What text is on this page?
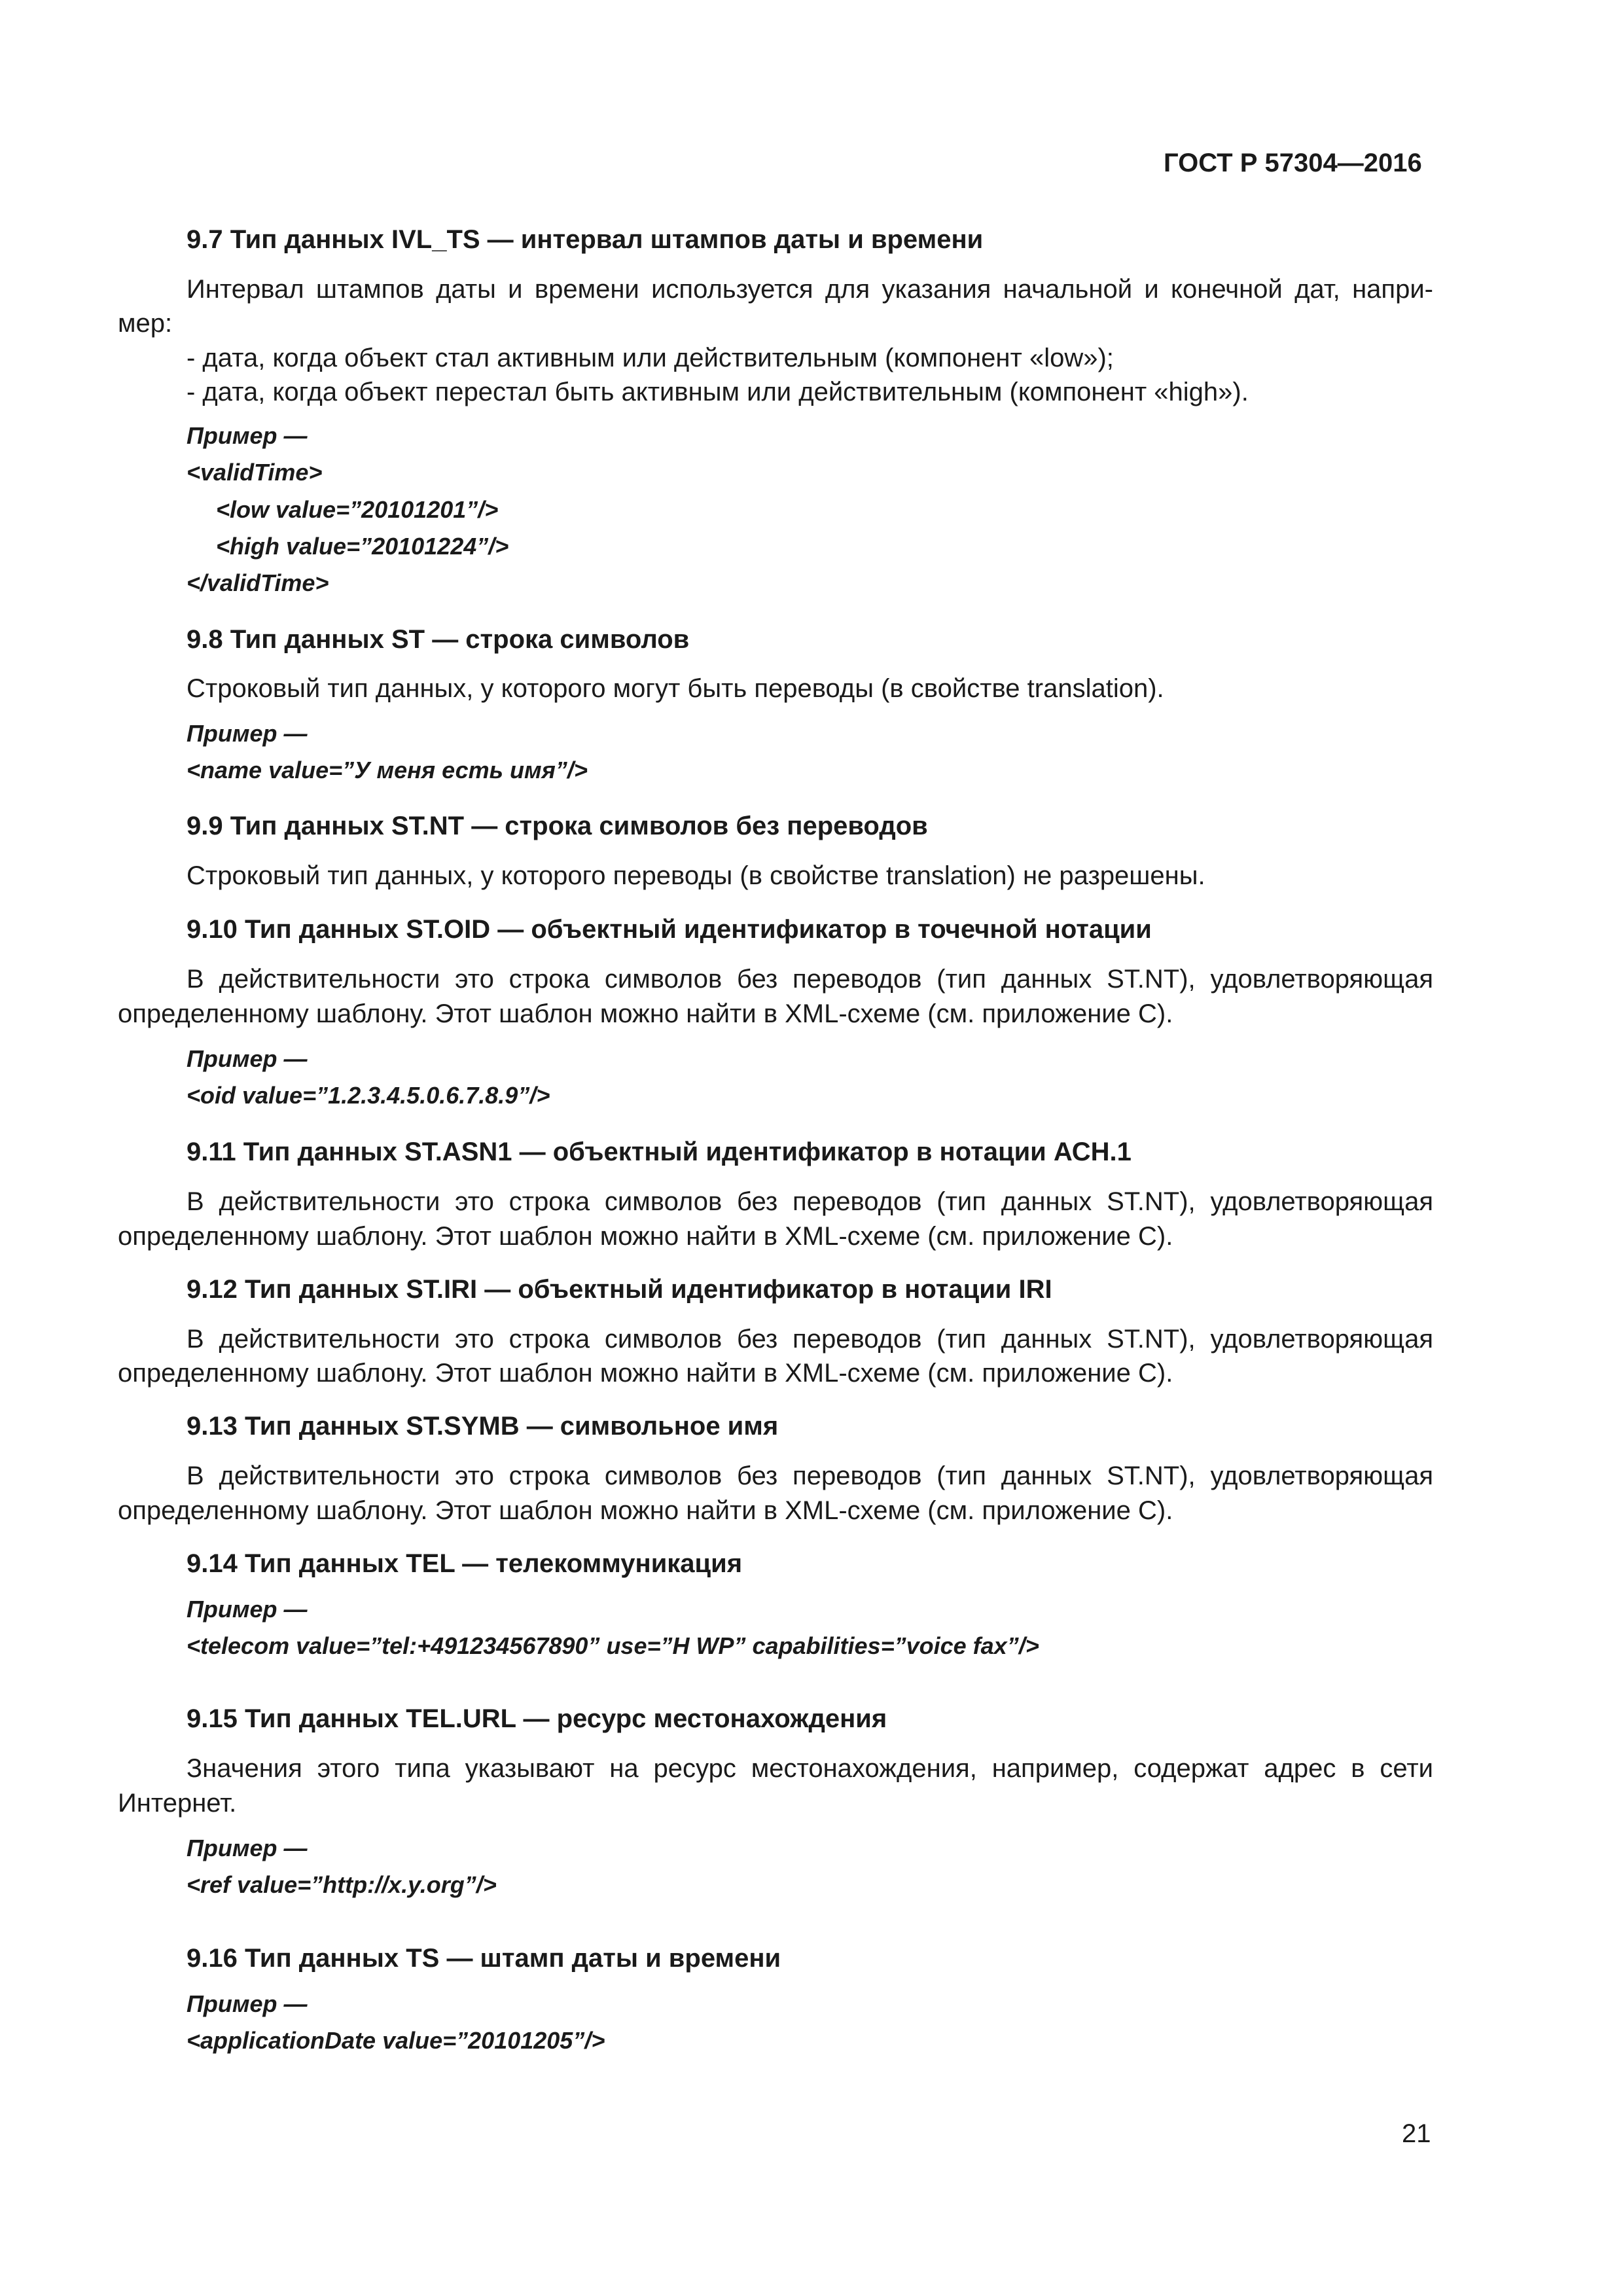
ГОСТ Р 57304—2016
9.7 Тип данных IVL_TS — интервал штампов даты и времени
Интервал штампов даты и времени используется для указания начальной и конечной дат, напри-
мер:
- дата, когда объект стал активным или действительным (компонент «low»);
- дата, когда объект перестал быть активным или действительным (компонент «high»).
Пример —
<validTime>
<low value=”20101201”/>
<high value=”20101224”/>
</validTime>
9.8 Тип данных ST — строка символов
Строковый тип данных, у которого могут быть переводы (в свойстве translation).
Пример —
<name value=”У меня есть имя”/>
9.9 Тип данных ST.NT — строка символов без переводов
Строковый тип данных, у которого переводы (в свойстве translation) не разрешены.
9.10 Тип данных ST.OID — объектный идентификатор в точечной нотации
В действительности это строка символов без переводов (тип данных ST.NT), удовлетворяющая
определенному шаблону. Этот шаблон можно найти в XML-схеме (см. приложение C).
Пример —
<oid value=”1.2.3.4.5.0.6.7.8.9”/>
9.11 Тип данных ST.ASN1 — объектный идентификатор в нотации АСН.1
В действительности это строка символов без переводов (тип данных ST.NT), удовлетворяющая
определенному шаблону. Этот шаблон можно найти в XML-схеме (см. приложение C).
9.12 Тип данных ST.IRI — объектный идентификатор в нотации IRI
В действительности это строка символов без переводов (тип данных ST.NT), удовлетворяющая
определенному шаблону. Этот шаблон можно найти в XML-схеме (см. приложение C).
9.13 Тип данных ST.SYMB — символьное имя
В действительности это строка символов без переводов (тип данных ST.NT), удовлетворяющая
определенному шаблону. Этот шаблон можно найти в XML-схеме (см. приложение C).
9.14 Тип данных TEL — телекоммуникация
Пример —
<telecom value=”tel:+491234567890” use=”H WP” capabilities=”voice fax”/>
9.15 Тип данных TEL.URL — ресурс местонахождения
Значения этого типа указывают на ресурс местонахождения, например, содержат адрес в сети
Интернет.
Пример —
<ref value=”http://x.y.org”/>
9.16 Тип данных TS — штамп даты и времени
Пример —
<applicationDate value=”20101205”/>
21
